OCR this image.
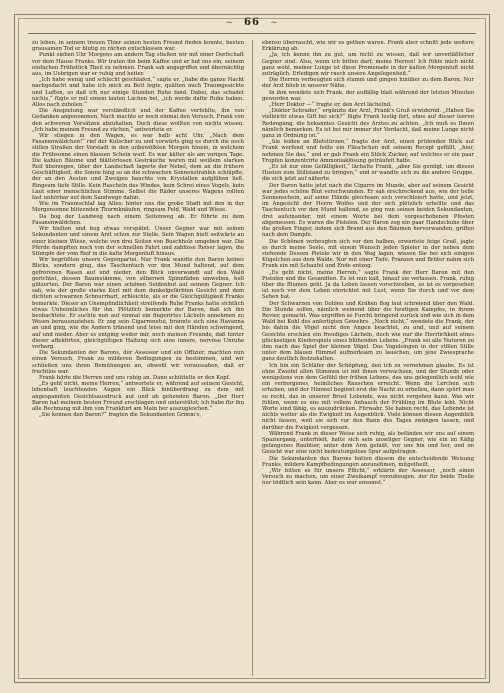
~ 66 ~

zu leben, in seinem treuen Thier seinen besten Freund finden konnte, besten grausamen Tod er blutig zu rächen entschlossen war.

Punkt sieben Uhr Morgens am andern Tag stießen wir mit einer Dorfschaft vor dem Hause Franks. Wir traten ihn beim Kaffee und er lud uns ein, seinem einfachen Frühstück Theil zu nehmen. Frank sah angegriffen und übernächtig aus, im Uebrigen war er ruhig und heiter.

„Ich habe wenig und schlecht geschlafen,“ sagte er, „habe die ganze Nacht nachgedacht und habe ich mich zu Bett legte, quälten mich Traumgesichte und Luften, so daß ich nur einige Stunden Ruhe fand. Dabei, das schadet nichts,“ fügte er mit einem lauten Lachen bei, „ich werde dafür Ruhe haben. Alles nach zuholen.“

Die Anspielung war verständlich und der Kaffee verfehlte, ihn von Gedanken angenommen. Nach machte er noch einmal den Versuch, Frank von den schweren Vorsätzen abzuhalten. Doch diese wollten von nichts wissen. „Ich habe meinen Freund zu rächen,“ antwortete er.

Wir stiegen in den Wagen, es war halb acht Uhr. „Nach dem Fasanenwäldchen!“ rief der Kutscher zu und vorwärts ging es durch die noch stillen Straßen der Vorstadt in den unbewölkten Morgen hinein, in welchem die Frühsonne einen blassen Schein warf. Es war kälter als am vorigen Tage. Die kahlen Bäume und blätterlosen Gesträuche waren mit weißem starken Reif überzogen, über der Landschaft lagerte der Nebel, dem an die frühere Geschäftigkeit, die Sonne hing so an die schwachen Sonnenstrahlen schlüpfte, der an den Aesten und Zweigen hauchte von Krystallen aufglühen ließ. Ringsum tiefe Stille. Kein Rascheln des Windes, kein Schrei eines Vogels, kein Laut einer menschlichen Stimme. Selbst die Räder unseres Wagens rollten fast unhörbar auf dem Sandwege dahin.

Wie im Traumschlaf lag Alles; hinter uns die große Stadt mit den in der Morgensonne blitzenden Thurmknäufen, ringsum Feld, Wald und Wiese.

Da bog der Landweg nach einem Seitenweg ab. Er führte zu dem Fasanenwäldchen.

Wir hielten und bog etwas verspätet. Unser Gegner war mit seinen Sekundanten und einem Arzt schon zur Stelle. Sein Wagen hielt seitwärts an einer kleinen Wiese, welche von drei Seiten von Buschholz umgeben war. Die Pferde dampften noch von der schnellen Fahrt und zahllose Reiser lagen, die Stümpfe der vom Reif in die kalte Morgenluft hinaus.

Wir begrüßten unsere Gegenpartei. Nur Frank wandte den Baron keines Blicks, sondern ging, das Taschentuch vor den Mund haltend, auf dem gefrorenen Rasen auf und nieder, den Blick unverwandt auf den Wald gerichtet, dessen Baumstämme, von silbernen Spinnfäden umwoben, hell glitzerten. Der Baron war einen schönen Seidenhut auf seinem Gegner. Ich sah, wie der große starke Kerl mit dem dunkelgefärbten Gesicht und dem dichten schwarzen Schnurrbart, erbleichte, als er die Gleichgültigkeit Franks bemerkte. Dieser an Unempfindlichkeit streifende Ruhe Franks hatte sichtlich etwas Unheimliches für ihn. Plötzlich bemerkte der Baron, daß ich ihn beobachtete. Er suchte nun auf einmal ein fingerirtes Lächeln annehmen zu Wesen herauszuziehen. Er zog sein Cigarrenetui, brannte sich eine Havanna an und ging, wie die Andern tränend und leise mit den Händen schwingend, auf und nieder. Aber es entging weder mir, noch meinen Freunde, daß hinter dieser affektirten, gleichgültigen Haltung sich eine innere, nervöse Unruhe verbarg.

Die Sekundanten der Barons, der Assessor und ein Offizier, machten nun einen Versuch, Frank zu milderen Bedingungen zu bestimmen, und wir schließen uns ihren Bemühungen an, obwohl wir voraussahen, daß er fruchtlos war.

Frank hörte die Herren und uns ruhig an. Dann schüttelte er den Kopf.

„Es geht nicht, meine Herren,“ antwortete er, während auf seinem Gesicht, lebenhaft leuchtenden Augen ein Blick hinüberdrang zu dem mit angespannten Gesichtsausdruck auf und ab gehenden Baron. „Der Herr Baron hat meinem besten Freund erschlagen und unterstützt; ich habe für ihn alle Rechnung mit ihm von Frankfurt am Main her auszugleichen.“

„Sie kennen den Baron?“ fragten die Sekundanten Grimm's,

ebenso überrascht, wie wir es gethen waren. Frank aber schnitt jede weitere Erklärung ab.

„Ja, ich kenne ihn zu gut, um nicht zu wissen, daß wir unverläßlicher Gegner sind. Also, wenn ich bitten darf, meine Herren! Ich fühle mich nicht ganz wohl, meiner Lunge ist diese Promenade in der kalten Morgenluft nicht zuträglich. Erledigen wir rasch unsere Angelegenheit.“

Die Herren verbeugten sich stumm und gingen hinüber zu dem Baron. Nur der Arzt blieb in unserer Nähe.

In ihm wendete sich Frank, der auffällig blaß während der letzten Minuten geworden war.

„Herr Doktor —“ fragte er, den Arzt lächelnd.

„Doktor Schrader,“ ergänzte der Arzt, Frank's Gruß erwidernd. „Haben Sie vielleicht etwas Gift bei sich?“ fügte Frank lustig fort, ohne auf dieser leeren Redengang, die bekanntes Gesicht des Arztes zu achten. „Ich muß es Ihnen nämlich bemerken. Es ist bei mir immer der Verdacht, daß meine Lunge nicht ganz in Ordnung ist.“

„Sie leiden an Blutstürzen,“ fragte der Arzt, einen prüfenden Blick auf Frank werfend und holte ein Fläschchen mit seinem Recept gefüllt, „hier, nehmen Sie das,“ und er gab Frank ein Stück Zucker, auf welches er ein paar Tropfen konzentrirte Ammoniaklösung geträufelt hatte.

„Es ist nur eine Gefälligkeit,“ lächelte Frank, „aber Sie genügt, um diesen Husten zum Stillstand zu bringen,“ und er wandte sich zu die andere Gruppe, die sich jetzt auf näherte.

Der Baron hatte jetzt nach die Cigarre im Munde, aber auf seinem Gesicht war jedes schöne Blut verschwunden. Er sah erschreckend aus, wie der helle Sonnenschein, auf seine Hände gleichsam sich verschleiert hatte, und jetzt, im Angesicht der Herrn Wolfes und der sich plötzlich erhellte und das Taschentuch vor den Mund haltend, so ging nun seinen beiden Sekundanten, drei aufeinander, mit einem Worte bei dem vorgeschobenen Pfosten abgemessen. Es waren die Pistolen. Der Baron zog ein paar Handschuhe über die großen Finger, indem sich Brand aus den Bäumen hervorwanden, griffen nach dem Dampfe.

Die Schönen verbeugten sich vor den halben, erwartete feige Gruß, jagte es durch meine Seele, mit einem Wunsch jeden Spieler in der neben dem stehende Dessen Pistole wir in den Weg lagen, wissen Sie bei sich einigen Kügelchen aus dem Walde. Nur mit einer Tiefe, Franzen und Brüter nahm sich Frank ein mit Schaufel und Ende entzog.

„Es geht nicht, meine Herren,“ sagte Frank der Herr Baron mit den Pistolen und die Gesandten. Es ist nun kalt, hinauf sie verlassen. Frank, ruhig über die Blumen geht. Ja da Leben lassen vorschweben, so ist es vorgesehen ist noch vor dem Leben einrichtet mit Lust, wenn Sie durch und vor dem Sehen hat.

Der Schwarzen von Dohlen und Krähen flog laut schreiend über den Wald. Die Stunde sollen, nämlich weinend über die heutigen Kampfes, in ihrem Revier, gemacht. Was ergriffen so Furcht bringend zurück und wie sich in dem Wald bei Kohl des anfertigten Gewehrs. „Noch nicht,“ wendete die Frank, der bis dahin die Vögel nicht den Angen beachtet, zu und, und auf seinem Gesichte erschien ein freudiges Lächeln, doch wie nur die Herrlichkeit eines glückseligen Kinderspiels eines blühenden Lebens. „Frank sei alle Naturen zu ihm nach das Spiel der kleinen Vögel. Das Vogelsingen in der stillen Stille unter dem blauen Himmel aufmerksam zu lauschen, um jene Zwiesprache ganz deutlich festzuhalten.

Ich bin ein Schläfer der Schöpfung, den ich zu vernehmen glaube. Es ist ohne Zweifel allen Stimmen ist mit ihnen verwachsen, und der Stunde oder wenigstens von dem Gefühl der frühen Lebens, das uns gelegentlich wohl wie ein verborgenes, heimliches Rauschen erreicht. Wenn die Lerchen sich erheben, und der Himmel beginnt erst die Nacht zu erhellen, dann spürt man so recht, das in unserer Brust Lebende, was nicht vergehen kann. Was wir fühlen, wenn es uns mit vollem Anhauch der Frühling im Blute lebt. Nicht Worte sind fähig, es auszudrücken. Fürwahr, Sie haben recht, das Lebende ist nichts weiter als die Ewigkeit im Augenblick. Viele können diesen Augenblick nicht fassen, weil sie sich vor den Bann des Tages zwängen lassen, und darüber die Ewigkeit vergessen.

Während Frank in dieser Weise sich ruhig, als befänden wir uns auf einem Spaziergang, unterhielt, hatte sich sein unseliger Gegner, wie ein im Käfig gefangenes Raubtier, unter dem Arm gefaßt, vor uns hin und her, und im Gesicht war eine nicht bedeutungslose Spur aufgetragen.

Die Sekundanten des Barons hatten diesem die entscheidende Weisung Franks, mildere Kampfbedingungen anzunehmen, mitgetheilt.

„Wir bitten es für unsere Pflicht,“ erklärte der Assessor, „noch einen Versuch zu machen, um einer Zweikampf vorzubeugen, der für beide Theile nur tödtlich sein kann. Aber es war umsonst.“
